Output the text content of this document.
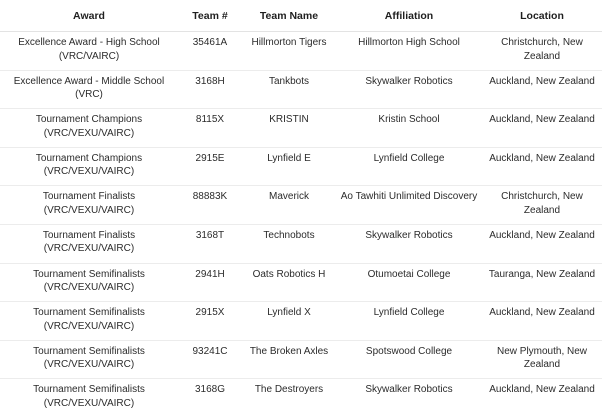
Award	Team #	Team Name	Affiliation	Location

Excellence Award - High School
(VRC/VAIRC)	35461A	Hillmorton Tigers	Hillmorton High School	Christchurch, New Zealand

Excellence Award - Middle School
(VRC)	3168H	Tankbots	Skywalker Robotics	Auckland, New Zealand

Tournament Champions
(VRC/VEXU/VAIRC)	8115X	KRISTIN	Kristin School	Auckland, New Zealand

Tournament Champions
(VRC/VEXU/VAIRC)	2915E	Lynfield E	Lynfield College	Auckland, New Zealand

Tournament Finalists
(VRC/VEXU/VAIRC)	88883K	Maverick	Ao Tawhiti Unlimited Discovery	Christchurch, New Zealand

Tournament Finalists
(VRC/VEXU/VAIRC)	3168T	Technobots	Skywalker Robotics	Auckland, New Zealand

Tournament Semifinalists
(VRC/VEXU/VAIRC)	2941H	Oats Robotics H	Otumoetai College	Tauranga, New Zealand

Tournament Semifinalists
(VRC/VEXU/VAIRC)	2915X	Lynfield X	Lynfield College	Auckland, New Zealand

Tournament Semifinalists
(VRC/VEXU/VAIRC)	93241C	The Broken Axles	Spotswood College	New Plymouth, New Zealand

Tournament Semifinalists
(VRC/VEXU/VAIRC)	3168G	The Destroyers	Skywalker Robotics	Auckland, New Zealand
